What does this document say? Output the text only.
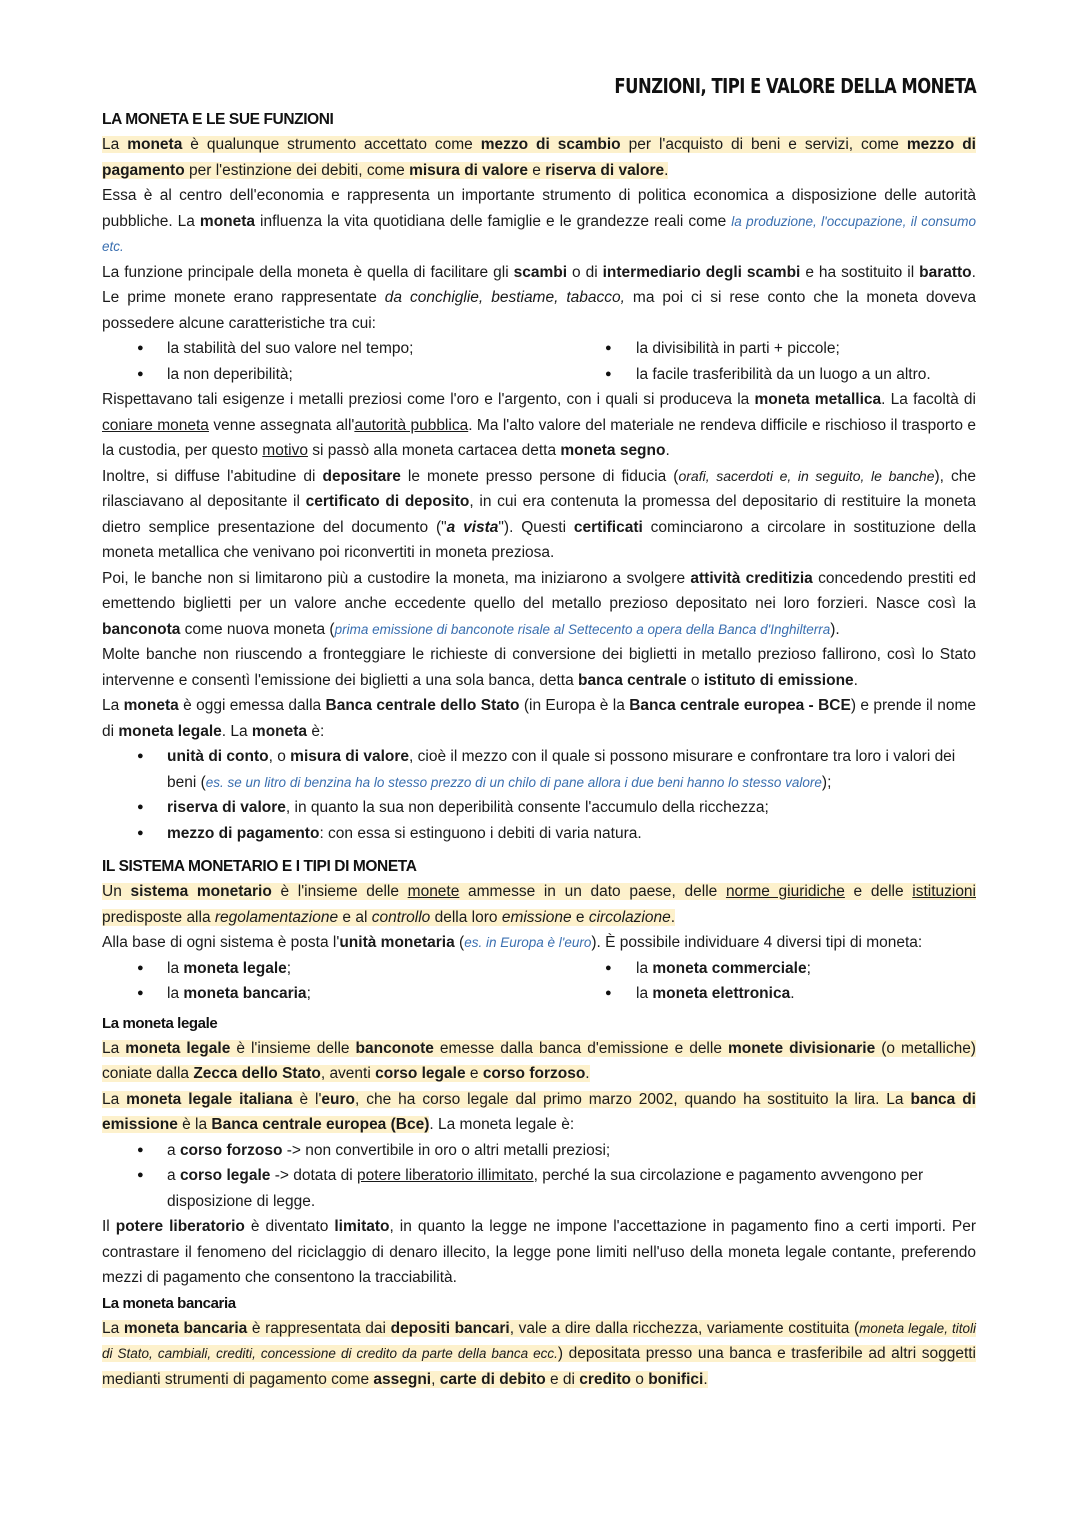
FUNZIONI, TIPI E VALORE DELLA MONETA
LA MONETA E LE SUE FUNZIONI

La moneta è qualunque strumento accettato come mezzo di scambio per l'acquisto di beni e servizi, come mezzo di pagamento per l'estinzione dei debiti, come misura di valore e riserva di valore.

Essa è al centro dell'economia e rappresenta un importante strumento di politica economica a disposizione delle autorità pubbliche. La moneta influenza la vita quotidiana delle famiglie e le grandezze reali come la produzione, l'occupazione, il consumo etc.

La funzione principale della moneta è quella di facilitare gli scambi o di intermediario degli scambi e ha sostituito il baratto. Le prime monete erano rappresentate da conchiglie, bestiame, tabacco, ma poi ci si rese conto che la moneta doveva possedere alcune caratteristiche tra cui:

● la stabilità del suo valore nel tempo;	● la divisibilità in parti + piccole;
● la non deperibilità;	● la facile trasferibilità da un luogo a un altro.

Rispettavano tali esigenze i metalli preziosi come l'oro e l'argento, con i quali si produceva la moneta metallica. La facoltà di coniare moneta venne assegnata all'autorità pubblica. Ma l'alto valore del materiale ne rendeva difficile e rischioso il trasporto e la custodia, per questo motivo si passò alla moneta cartacea detta moneta segno.

Inoltre, si diffuse l'abitudine di depositare le monete presso persone di fiducia (orafi, sacerdoti e, in seguito, le banche), che rilasciavano al depositante il certificato di deposito, in cui era contenuta la promessa del depositario di restituire la moneta dietro semplice presentazione del documento ("a vista"). Questi certificati cominciarono a circolare in sostituzione della moneta metallica che venivano poi riconvertiti in moneta preziosa.

Poi, le banche non si limitarono più a custodire la moneta, ma iniziarono a svolgere attività creditizia concedendo prestiti ed emettendo biglietti per un valore anche eccedente quello del metallo prezioso depositato nei loro forzieri. Nasce così la banconota come nuova moneta (prima emissione di banconote risale al Settecento a opera della Banca d'Inghilterra).

Molte banche non riuscendo a fronteggiare le richieste di conversione dei biglietti in metallo prezioso fallirono, così lo Stato intervenne e consentì l'emissione dei biglietti a una sola banca, detta banca centrale o istituto di emissione.

La moneta è oggi emessa dalla Banca centrale dello Stato (in Europa è la Banca centrale europea - BCE) e prende il nome di moneta legale. La moneta è:

● unità di conto, o misura di valore, cioè il mezzo con il quale si possono misurare e confrontare tra loro i valori dei beni (es. se un litro di benzina ha lo stesso prezzo di un chilo di pane allora i due beni hanno lo stesso valore);
● riserva di valore, in quanto la sua non deperibilità consente l'accumulo della ricchezza;
● mezzo di pagamento: con essa si estinguono i debiti di varia natura.
IL SISTEMA MONETARIO E I TIPI DI MONETA

Un sistema monetario è l'insieme delle monete ammesse in un dato paese, delle norme giuridiche e delle istituzioni predisposte alla regolamentazione e al controllo della loro emissione e circolazione.

Alla base di ogni sistema è posta l'unità monetaria (es. in Europa è l'euro). È possibile individuare 4 diversi tipi di moneta:

● la moneta legale;	● la moneta commerciale;
● la moneta bancaria;	● la moneta elettronica.
La moneta legale

La moneta legale è l'insieme delle banconote emesse dalla banca d'emissione e delle monete divisionarie (o metalliche) coniate dalla Zecca dello Stato, aventi corso legale e corso forzoso.

La moneta legale italiana è l'euro, che ha corso legale dal primo marzo 2002, quando ha sostituito la lira. La banca di emissione è la Banca centrale europea (Bce). La moneta legale è:

● a corso forzoso -> non convertibile in oro o altri metalli preziosi;
● a corso legale -> dotata di potere liberatorio illimitato, perché la sua circolazione e pagamento avvengono per disposizione di legge.

Il potere liberatorio è diventato limitato, in quanto la legge ne impone l'accettazione in pagamento fino a certi importi. Per contrastare il fenomeno del riciclaggio di denaro illecito, la legge pone limiti nell'uso della moneta legale contante, preferendo mezzi di pagamento che consentono la tracciabilità.

La moneta bancaria

La moneta bancaria è rappresentata dai depositi bancari, vale a dire dalla ricchezza, variamente costituita (moneta legale, titoli di Stato, cambiali, crediti, concessione di credito da parte della banca ecc.) depositata presso una banca e trasferibile ad altri soggetti medianti strumenti di pagamento come assegni, carte di debito e di credito o bonifici.
